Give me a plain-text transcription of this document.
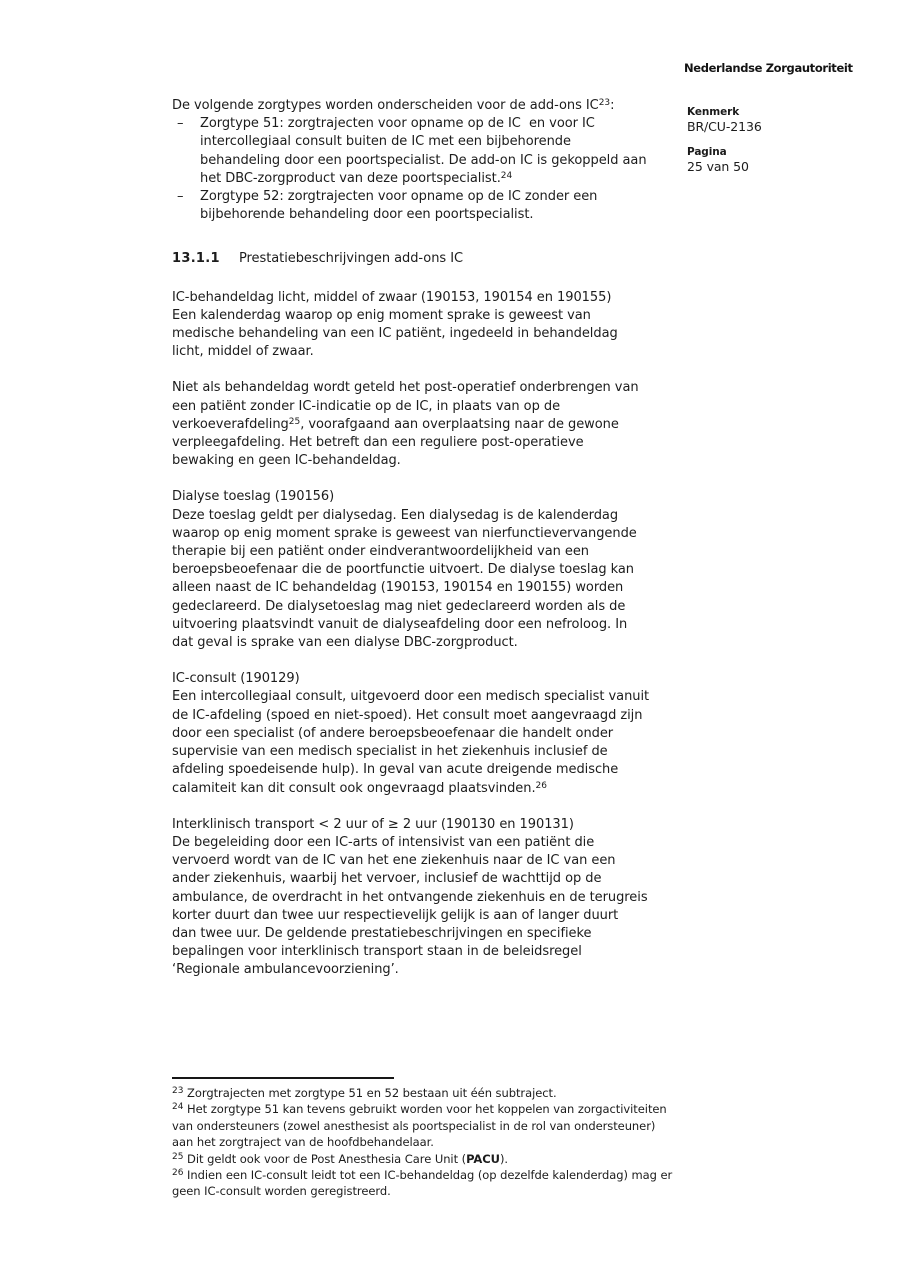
Nederlandse Zorgautoriteit
Kenmerk
BR/CU-2136
Pagina
25 van 50

De volgende zorgtypes worden onderscheiden voor de add-ons IC$^{23}$:

– Zorgtype 51: zorgtrajecten voor opname op de IC  en voor IC
intercollegiaal consult buiten de IC met een bijbehorende
behandeling door een poortspecialist. De add-on IC is gekoppeld aan
het DBC-zorgproduct van deze poortspecialist.$^{24}$
– Zorgtype 52: zorgtrajecten voor opname op de IC zonder een
bijbehorende behandeling door een poortspecialist.
13.1.1 Prestatiebeschrijvingen add-ons IC

IC-behandeldag licht, middel of zwaar (190153, 190154 en 190155)
Een kalenderdag waarop op enig moment sprake is geweest van
medische behandeling van een IC patiënt, ingedeeld in behandeldag
licht, middel of zwaar.

Niet als behandeldag wordt geteld het post-operatief onderbrengen van
een patiënt zonder IC-indicatie op de IC, in plaats van op de
verkoeverafdeling$^{25}$, voorafgaand aan overplaatsing naar de gewone
verpleegafdeling. Het betreft dan een reguliere post-operatieve
bewaking en geen IC-behandeldag.

Dialyse toeslag (190156)
Deze toeslag geldt per dialysedag. Een dialysedag is de kalenderdag
waarop op enig moment sprake is geweest van nierfunctievervangende
therapie bij een patiënt onder eindverantwoordelijkheid van een
beroepsbeoefenaar die de poortfunctie uitvoert. De dialyse toeslag kan
alleen naast de IC behandeldag (190153, 190154 en 190155) worden
gedeclareerd. De dialysetoeslag mag niet gedeclareerd worden als de
uitvoering plaatsvindt vanuit de dialyseafdeling door een nefroloog. In
dat geval is sprake van een dialyse DBC-zorgproduct.

IC-consult (190129)
Een intercollegiaal consult, uitgevoerd door een medisch specialist vanuit
de IC-afdeling (spoed en niet-spoed). Het consult moet aangevraagd zijn
door een specialist (of andere beroepsbeoefenaar die handelt onder
supervisie van een medisch specialist in het ziekenhuis inclusief de
afdeling spoedeisende hulp). In geval van acute dreigende medische
calamiteit kan dit consult ook ongevraagd plaatsvinden.$^{26}$

Interklinisch transport < 2 uur of ≥ 2 uur (190130 en 190131)
De begeleiding door een IC-arts of intensivist van een patiënt die
vervoerd wordt van de IC van het ene ziekenhuis naar de IC van een
ander ziekenhuis, waarbij het vervoer, inclusief de wachttijd op de
ambulance, de overdracht in het ontvangende ziekenhuis en de terugreis
korter duurt dan twee uur respectievelijk gelijk is aan of langer duurt
dan twee uur. De geldende prestatiebeschrijvingen en specifieke
bepalingen voor interklinisch transport staan in de beleidsregel
‘Regionale ambulancevoorziening’.

$^{23}$ Zorgtrajecten met zorgtype 51 en 52 bestaan uit één subtraject.

$^{24}$ Het zorgtype 51 kan tevens gebruikt worden voor het koppelen van zorgactiviteiten
van ondersteuners (zowel anesthesist als poortspecialist in de rol van ondersteuner)
aan het zorgtraject van de hoofdbehandelaar.

$^{25}$ Dit geldt ook voor de Post Anesthesia Care Unit (PACU).

$^{26}$ Indien een IC-consult leidt tot een IC-behandeldag (op dezelfde kalenderdag) mag er
geen IC-consult worden geregistreerd.
